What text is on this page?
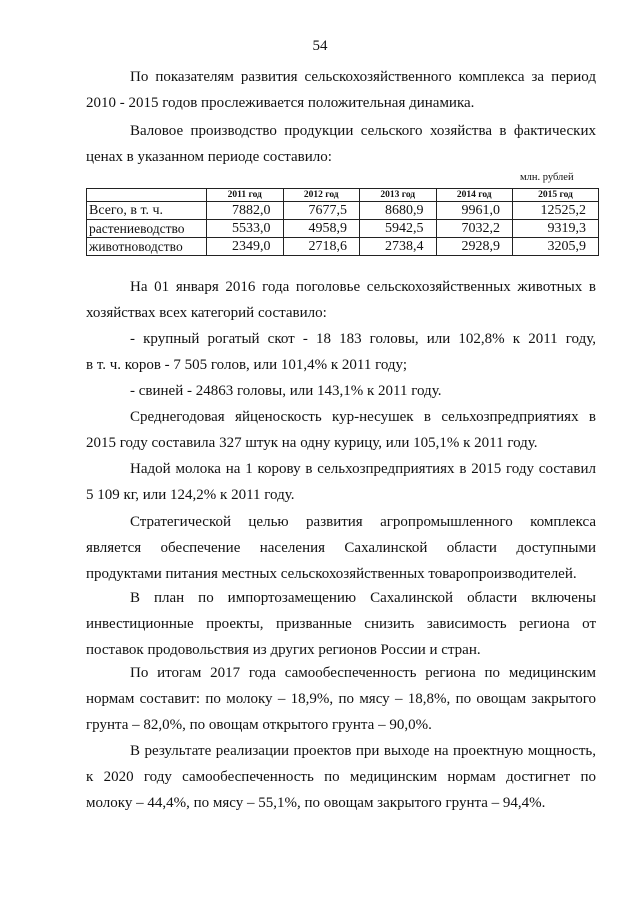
54
По показателям развития сельскохозяйственного комплекса за период
2010 - 2015 годов прослеживается положительная динамика.
Валовое производство продукции сельского хозяйства в фактических
ценах в указанном периоде составило:
млн. рублей
	2011 год	2012 год	2013 год	2014 год	2015 год
Всего, в т. ч.	7882,0	7677,5	8680,9	9961,0	12525,2
растениеводство	5533,0	4958,9	5942,5	7032,2	9319,3
животноводство	2349,0	2718,6	2738,4	2928,9	3205,9
На 01 января 2016 года поголовье сельскохозяйственных животных в
хозяйствах всех категорий составило:
- крупный рогатый скот - 18 183 головы, или 102,8% к 2011 году,
в т. ч. коров - 7 505 голов, или 101,4% к 2011 году;
- свиней - 24863 головы, или 143,1% к 2011 году.
Среднегодовая яйценоскость кур-несушек в сельхозпредприятиях в
2015 году составила 327 штук на одну курицу, или 105,1% к 2011 году.
Надой молока на 1 корову в сельхозпредприятиях в 2015 году составил
5 109 кг, или 124,2% к 2011 году.
Стратегической целью развития агропромышленного комплекса
является обеспечение населения Сахалинской области доступными
продуктами питания местных сельскохозяйственных товаропроизводителей.
В план по импортозамещению Сахалинской области включены
инвестиционные проекты, призванные снизить зависимость региона от
поставок продовольствия из других регионов России и стран.
По итогам 2017 года самообеспеченность региона по медицинским
нормам составит: по молоку – 18,9%, по мясу – 18,8%, по овощам закрытого
грунта – 82,0%, по овощам открытого грунта – 90,0%.
В результате реализации проектов при выходе на проектную мощность,
к 2020 году самообеспеченность по медицинским нормам достигнет по
молоку – 44,4%, по мясу – 55,1%, по овощам закрытого грунта – 94,4%.
